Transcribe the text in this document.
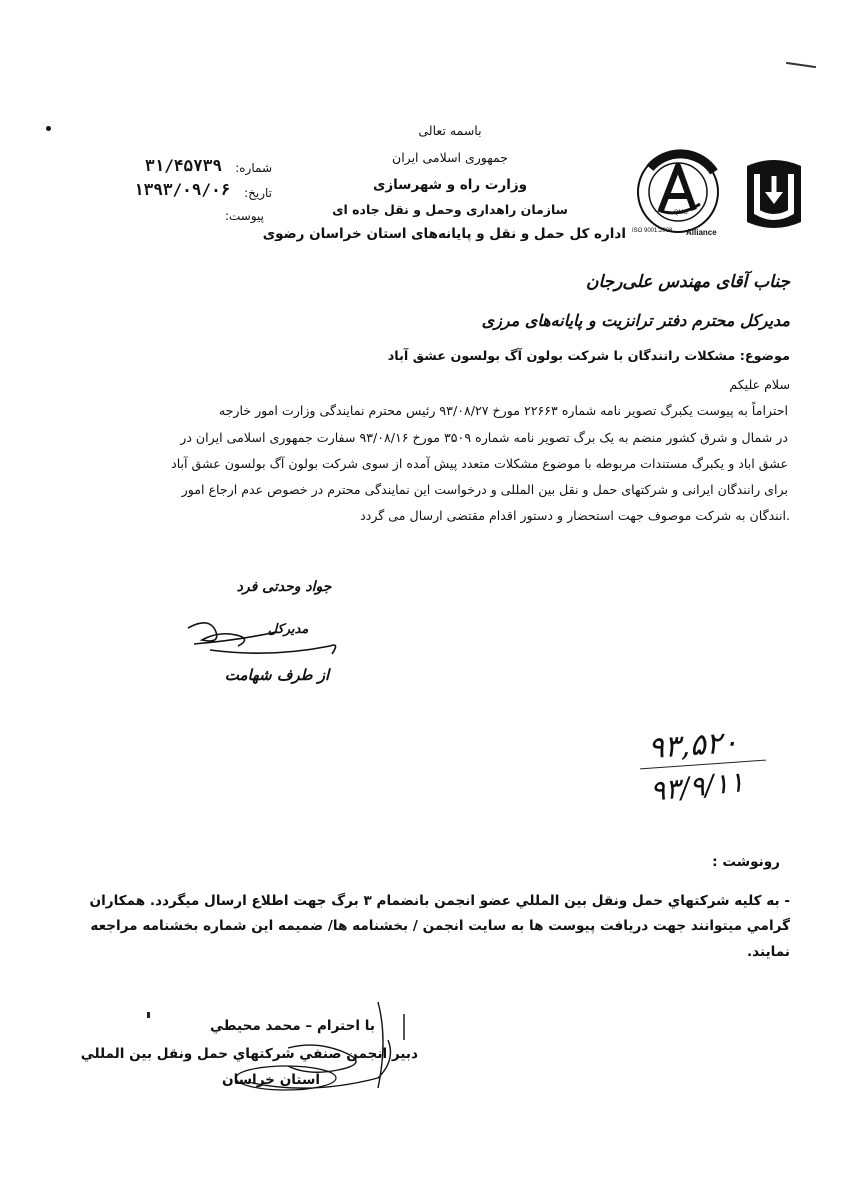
باسمه تعالی
جمهوری اسلامی ایران
وزارت راه و شهرسازی
سازمان راهداری وحمل و نقل جاده ای
اداره کل حمل و نقل و پایانه‌های استان خراسان رضوی
شماره:
۳۱/۴۵۷۳۹
تاریخ:
۱۳۹۳/۰۹/۰۶
پیوست:
ISO 9001:2008
QMS
Alliance
جناب آقای مهندس علی‌رجان
مدیرکل محترم دفتر ترانزیت و پایانه‌های مرزی
موضوع: مشکلات رانندگان با شرکت بولون آگ بولسون عشق آباد
سلام علیکم
احتراماً به پیوست یکبرگ تصویر نامه شماره ۲۲۶۶۳ مورخ ۹۳/۰۸/۲۷ رئیس محترم نمایندگی وزارت امور خارجه
در شمال و شرق کشور منضم به یک برگ تصویر نامه شماره ۳۵۰۹ مورخ ۹۳/۰۸/۱۶ سفارت جمهوری اسلامی ایران در
عشق اباد و یکبرگ مستندات مربوطه با موضوع مشکلات متعدد پیش آمده از سوی شرکت بولون آگ بولسون عشق آباد
برای رانندگان ایرانی و شرکتهای حمل و نقل بین المللی و درخواست این نمایندگی محترم در خصوص عدم ارجاع امور
.انندگان به شرکت موصوف جهت استحضار و دستور اقدام مقتضی ارسال می گردد
جواد وحدتی فرد
مدیرکل
از طرف شهامت
۹۳,۵۲۰
۹۳/۹/۱۱
رونوشت :
- به كليه شركتهاي حمل ونقل بين المللي عضو انجمن بانضمام ۳ برگ جهت اطلاع ارسال ميگردد. همكاران
گرامي ميتوانند جهت دريافت پيوست ها به سايت انجمن / بخشنامه ها/ ضميمه اين شماره بخشنامه مراجعه
نمايند.
با احترام – محمد محيطي
دبير انجمن صنفي شركتهاي حمل ونقل بين المللي
استان خراسان
